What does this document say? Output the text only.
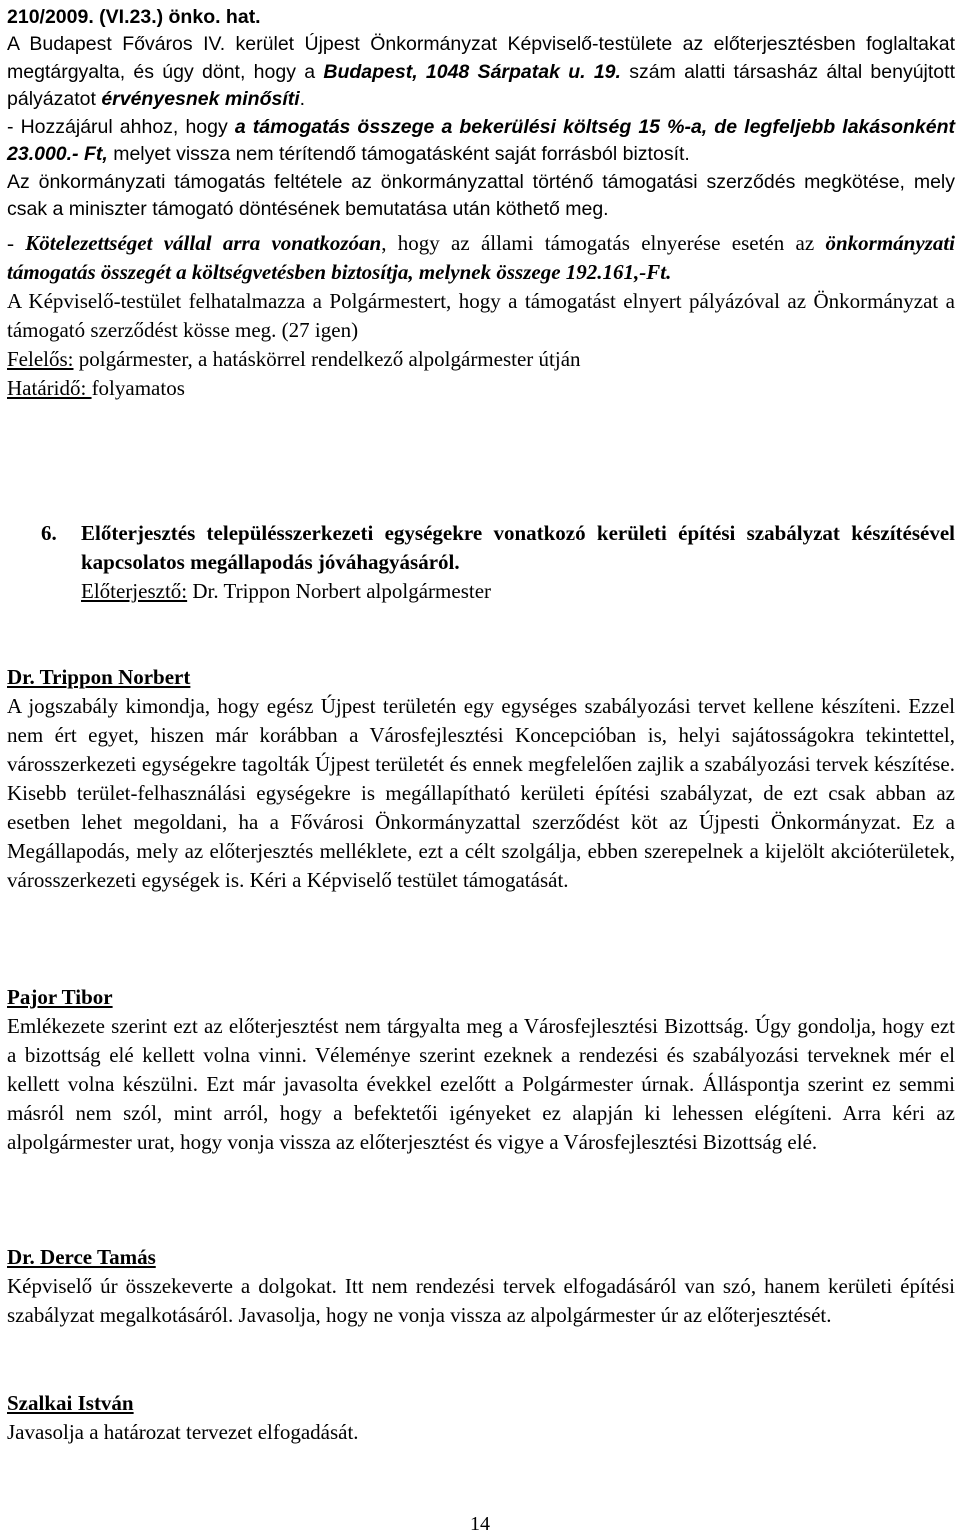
210/2009. (VI.23.) önko. hat.

A Budapest Főváros IV. kerület Újpest Önkormányzat Képviselő-testülete az előterjesztésben foglaltakat megtárgyalta, és úgy dönt, hogy a Budapest, 1048 Sárpatak u. 19. szám alatti társasház által benyújtott pályázatot érvényesnek minősíti.

- Hozzájárul ahhoz, hogy a támogatás összege a bekerülési költség 15 %-a, de legfeljebb lakásonként 23.000.- Ft, melyet vissza nem térítendő támogatásként saját forrásból biztosít.

Az önkormányzati támogatás feltétele az önkormányzattal történő támogatási szerződés megkötése, mely csak a miniszter támogató döntésének bemutatása után köthető meg.

- Kötelezettséget vállal arra vonatkozóan, hogy az állami támogatás elnyerése esetén az önkormányzati támogatás összegét a költségvetésben biztosítja, melynek összege 192.161,-Ft.

A Képviselő-testület felhatalmazza a Polgármestert, hogy a támogatást elnyert pályázóval az Önkormányzat a támogató szerződést kösse meg. (27 igen)

Felelős: polgármester, a hatáskörrel rendelkező alpolgármester útján

Határidő: folyamatos

6. Előterjesztés településszerkezeti egységekre vonatkozó kerületi építési szabályzat készítésével kapcsolatos megállapodás jóváhagyásáról.

Előterjesztő: Dr. Trippon Norbert alpolgármester

Dr. Trippon Norbert

A jogszabály kimondja, hogy egész Újpest területén egy egységes szabályozási tervet kellene készíteni. Ezzel nem ért egyet, hiszen már korábban a Városfejlesztési Koncepcióban is, helyi sajátosságokra tekintettel, városszerkezeti egységekre tagolták Újpest területét és ennek megfelelően zajlik a szabályozási tervek készítése. Kisebb terület-felhasználási egységekre is megállapítható kerületi építési szabályzat, de ezt csak abban az esetben lehet megoldani, ha a Fővárosi Önkormányzattal szerződést köt az Újpesti Önkormányzat. Ez a Megállapodás, mely az előterjesztés melléklete, ezt a célt szolgálja, ebben szerepelnek a kijelölt akcióterületek, városszerkezeti egységek is. Kéri a Képviselő testület támogatását.

Pajor Tibor

Emlékezete szerint ezt az előterjesztést nem tárgyalta meg a Városfejlesztési Bizottság. Úgy gondolja, hogy ezt a bizottság elé kellett volna vinni. Véleménye szerint ezeknek a rendezési és szabályozási terveknek mér el kellett volna készülni. Ezt már javasolta évekkel ezelőtt a Polgármester úrnak. Álláspontja szerint ez semmi másról nem szól, mint arról, hogy a befektetői igényeket ez alapján ki lehessen elégíteni. Arra kéri az alpolgármester urat, hogy vonja vissza az előterjesztést és vigye a Városfejlesztési Bizottság elé.

Dr. Derce Tamás

Képviselő úr összekeverte a dolgokat. Itt nem rendezési tervek elfogadásáról van szó, hanem kerületi építési szabályzat megalkotásáról. Javasolja, hogy ne vonja vissza az alpolgármester úr az előterjesztését.

Szalkai István

Javasolja a határozat tervezet elfogadását.

14
